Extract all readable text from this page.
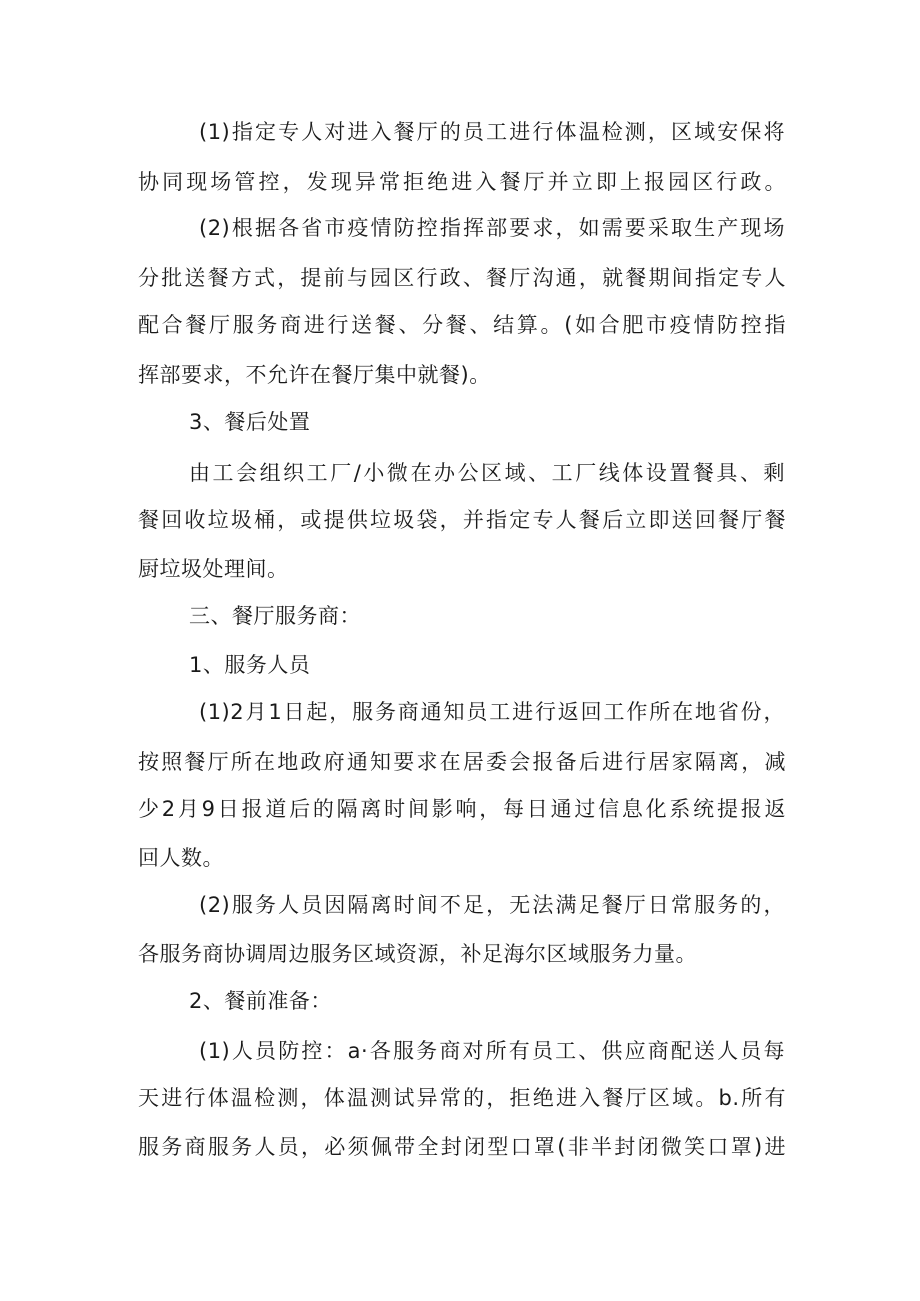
(1)指定专人对进入餐厅的员工进行体温检测，区域安保将
协同现场管控，发现异常拒绝进入餐厅并立即上报园区行政。
(2)根据各省市疫情防控指挥部要求，如需要采取生产现场
分批送餐方式，提前与园区行政、餐厅沟通，就餐期间指定专人
配合餐厅服务商进行送餐、分餐、结算。(如合肥市疫情防控指
挥部要求，不允许在餐厅集中就餐)。
3、餐后处置
由工会组织工厂/小微在办公区域、工厂线体设置餐具、剩
餐回收垃圾桶，或提供垃圾袋，并指定专人餐后立即送回餐厅餐
厨垃圾处理间。
三、餐厅服务商：
1、服务人员
(1)2月1日起，服务商通知员工进行返回工作所在地省份，
按照餐厅所在地政府通知要求在居委会报备后进行居家隔离，减
少2月9日报道后的隔离时间影响，每日通过信息化系统提报返
回人数。
(2)服务人员因隔离时间不足，无法满足餐厅日常服务的，
各服务商协调周边服务区域资源，补足海尔区域服务力量。
2、餐前准备：
(1)人员防控：a·各服务商对所有员工、供应商配送人员每
天进行体温检测，体温测试异常的，拒绝进入餐厅区域。b.所有
服务商服务人员，必须佩带全封闭型口罩(非半封闭微笑口罩)进
